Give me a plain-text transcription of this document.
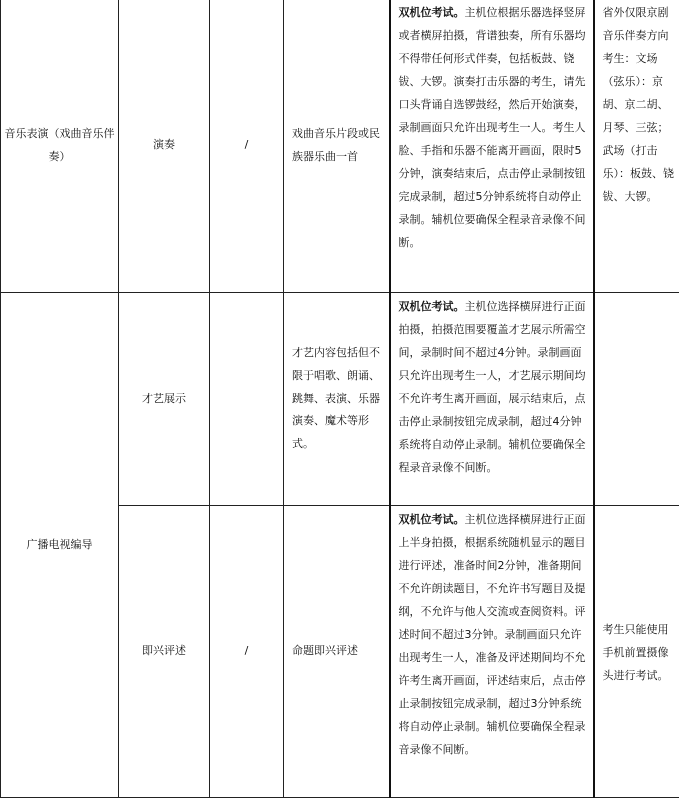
音乐表演（戏曲音乐伴奏）	演奏	/	戏曲音乐片段或民族器乐曲一首	双机位考试。主机位根据乐器选择竖屏或者横屏拍摄，背谱独奏，所有乐器均不得带任何形式伴奏，包括板鼓、铙钹、大锣。演奏打击乐器的考生，请先口头背诵自选锣鼓经，然后开始演奏，录制画面只允许出现考生一人。考生人脸、手指和乐器不能离开画面，限时5分钟，演奏结束后，点击停止录制按钮完成录制，超过5分钟系统将自动停止录制。辅机位要确保全程录音录像不间断。	省外仅限京剧音乐伴奏方向考生：文场（弦乐）：京胡、京二胡、月琴、三弦；武场（打击乐）：板鼓、铙钹、大锣。
广播电视编导	才艺展示		才艺内容包括但不限于唱歌、朗诵、跳舞、表演、乐器演奏、魔术等形式。	双机位考试。主机位选择横屏进行正面拍摄，拍摄范围要覆盖才艺展示所需空间，录制时间不超过4分钟。录制画面只允许出现考生一人，才艺展示期间均不允许考生离开画面，展示结束后，点击停止录制按钮完成录制，超过4分钟系统将自动停止录制。辅机位要确保全程录音录像不间断。	
	即兴评述	/	命题即兴评述	双机位考试。主机位选择横屏进行正面上半身拍摄，根据系统随机显示的题目进行评述，准备时间2分钟，准备期间不允许朗读题目，不允许书写题目及提纲，不允许与他人交流或查阅资料。评述时间不超过3分钟。录制画面只允许出现考生一人，准备及评述期间均不允许考生离开画面，评述结束后，点击停止录制按钮完成录制，超过3分钟系统将自动停止录制。辅机位要确保全程录音录像不间断。	考生只能使用手机前置摄像头进行考试。
